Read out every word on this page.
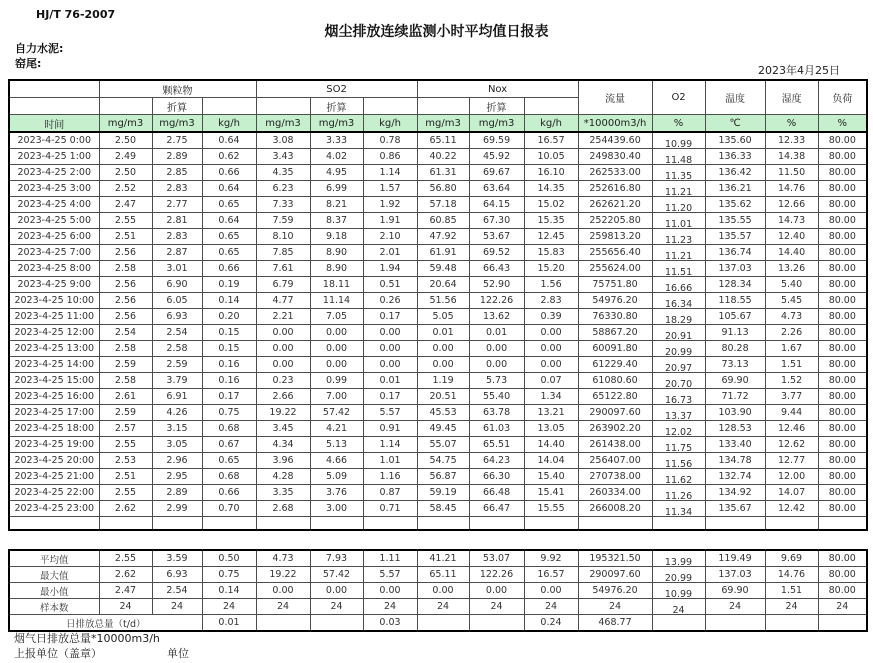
HJ/T 76-2007
烟尘排放连续监测小时平均值日报表
自力水泥:
窑尾:
2023年4月25日
	颗粒物			SO2			Nox			流量	O2	温度	湿度	负荷
		折算			折算			折算						
时间	mg/m3	mg/m3	kg/h	mg/m3	mg/m3	kg/h	mg/m3	mg/m3	kg/h	*10000m3/h	%	℃	%	%
2023-4-25 0:00	2.50	2.75	0.64	3.08	3.33	0.78	65.11	69.59	16.57	254439.60	10.99	135.60	12.33	80.00
2023-4-25 1:00	2.49	2.89	0.62	3.43	4.02	0.86	40.22	45.92	10.05	249830.40	11.48	136.33	14.38	80.00
2023-4-25 2:00	2.50	2.85	0.66	4.35	4.95	1.14	61.31	69.67	16.10	262533.00	11.35	136.42	11.50	80.00
2023-4-25 3:00	2.52	2.83	0.64	6.23	6.99	1.57	56.80	63.64	14.35	252616.80	11.21	136.21	14.76	80.00
2023-4-25 4:00	2.47	2.77	0.65	7.33	8.21	1.92	57.18	64.15	15.02	262621.20	11.20	135.62	12.66	80.00
2023-4-25 5:00	2.55	2.81	0.64	7.59	8.37	1.91	60.85	67.30	15.35	252205.80	11.01	135.55	14.73	80.00
2023-4-25 6:00	2.51	2.83	0.65	8.10	9.18	2.10	47.92	53.67	12.45	259813.20	11.23	135.57	12.40	80.00
2023-4-25 7:00	2.56	2.87	0.65	7.85	8.90	2.01	61.91	69.52	15.83	255656.40	11.21	136.74	14.40	80.00
2023-4-25 8:00	2.58	3.01	0.66	7.61	8.90	1.94	59.48	66.43	15.20	255624.00	11.51	137.03	13.26	80.00
2023-4-25 9:00	2.56	6.90	0.19	6.79	18.11	0.51	20.64	52.90	1.56	75751.80	16.66	128.34	5.40	80.00
2023-4-25 10:00	2.56	6.05	0.14	4.77	11.14	0.26	51.56	122.26	2.83	54976.20	16.34	118.55	5.45	80.00
2023-4-25 11:00	2.56	6.93	0.20	2.21	7.05	0.17	5.05	13.62	0.39	76330.80	18.29	105.67	4.73	80.00
2023-4-25 12:00	2.54	2.54	0.15	0.00	0.00	0.00	0.01	0.01	0.00	58867.20	20.91	91.13	2.26	80.00
2023-4-25 13:00	2.58	2.58	0.15	0.00	0.00	0.00	0.00	0.00	0.00	60091.80	20.99	80.28	1.67	80.00
2023-4-25 14:00	2.59	2.59	0.16	0.00	0.00	0.00	0.00	0.00	0.00	61229.40	20.97	73.13	1.51	80.00
2023-4-25 15:00	2.58	3.79	0.16	0.23	0.99	0.01	1.19	5.73	0.07	61080.60	20.70	69.90	1.52	80.00
2023-4-25 16:00	2.61	6.91	0.17	2.66	7.00	0.17	20.51	55.40	1.34	65122.80	16.73	71.72	3.77	80.00
2023-4-25 17:00	2.59	4.26	0.75	19.22	57.42	5.57	45.53	63.78	13.21	290097.60	13.37	103.90	9.44	80.00
2023-4-25 18:00	2.57	3.15	0.68	3.45	4.21	0.91	49.45	61.03	13.05	263902.20	12.02	128.53	12.46	80.00
2023-4-25 19:00	2.55	3.05	0.67	4.34	5.13	1.14	55.07	65.51	14.40	261438.00	11.75	133.40	12.62	80.00
2023-4-25 20:00	2.53	2.96	0.65	3.96	4.66	1.01	54.75	64.23	14.04	256407.00	11.56	134.78	12.77	80.00
2023-4-25 21:00	2.51	2.95	0.68	4.28	5.09	1.16	56.87	66.30	15.40	270738.00	11.62	132.74	12.00	80.00
2023-4-25 22:00	2.55	2.89	0.66	3.35	3.76	0.87	59.19	66.48	15.41	260334.00	11.26	134.92	14.07	80.00
2023-4-25 23:00	2.62	2.99	0.70	2.68	3.00	0.71	58.45	66.47	15.55	266008.20	11.34	135.67	12.42	80.00

平均值	2.55	3.59	0.50	4.73	7.93	1.11	41.21	53.07	9.92	195321.50	13.99	119.49	9.69	80.00
最大值	2.62	6.93	0.75	19.22	57.42	5.57	65.11	122.26	16.57	290097.60	20.99	137.03	14.76	80.00
最小值	2.47	2.54	0.14	0.00	0.00	0.00	0.00	0.00	0.00	54976.20	10.99	69.90	1.51	80.00
样本数	24	24	24	24	24	24	24	24	24	24	24	24	24	24
日排放总量（t/d）			0.01			0.03			0.24	468.77				
烟气日排放总量*10000m3/h
上报单位（盖章）	单位
